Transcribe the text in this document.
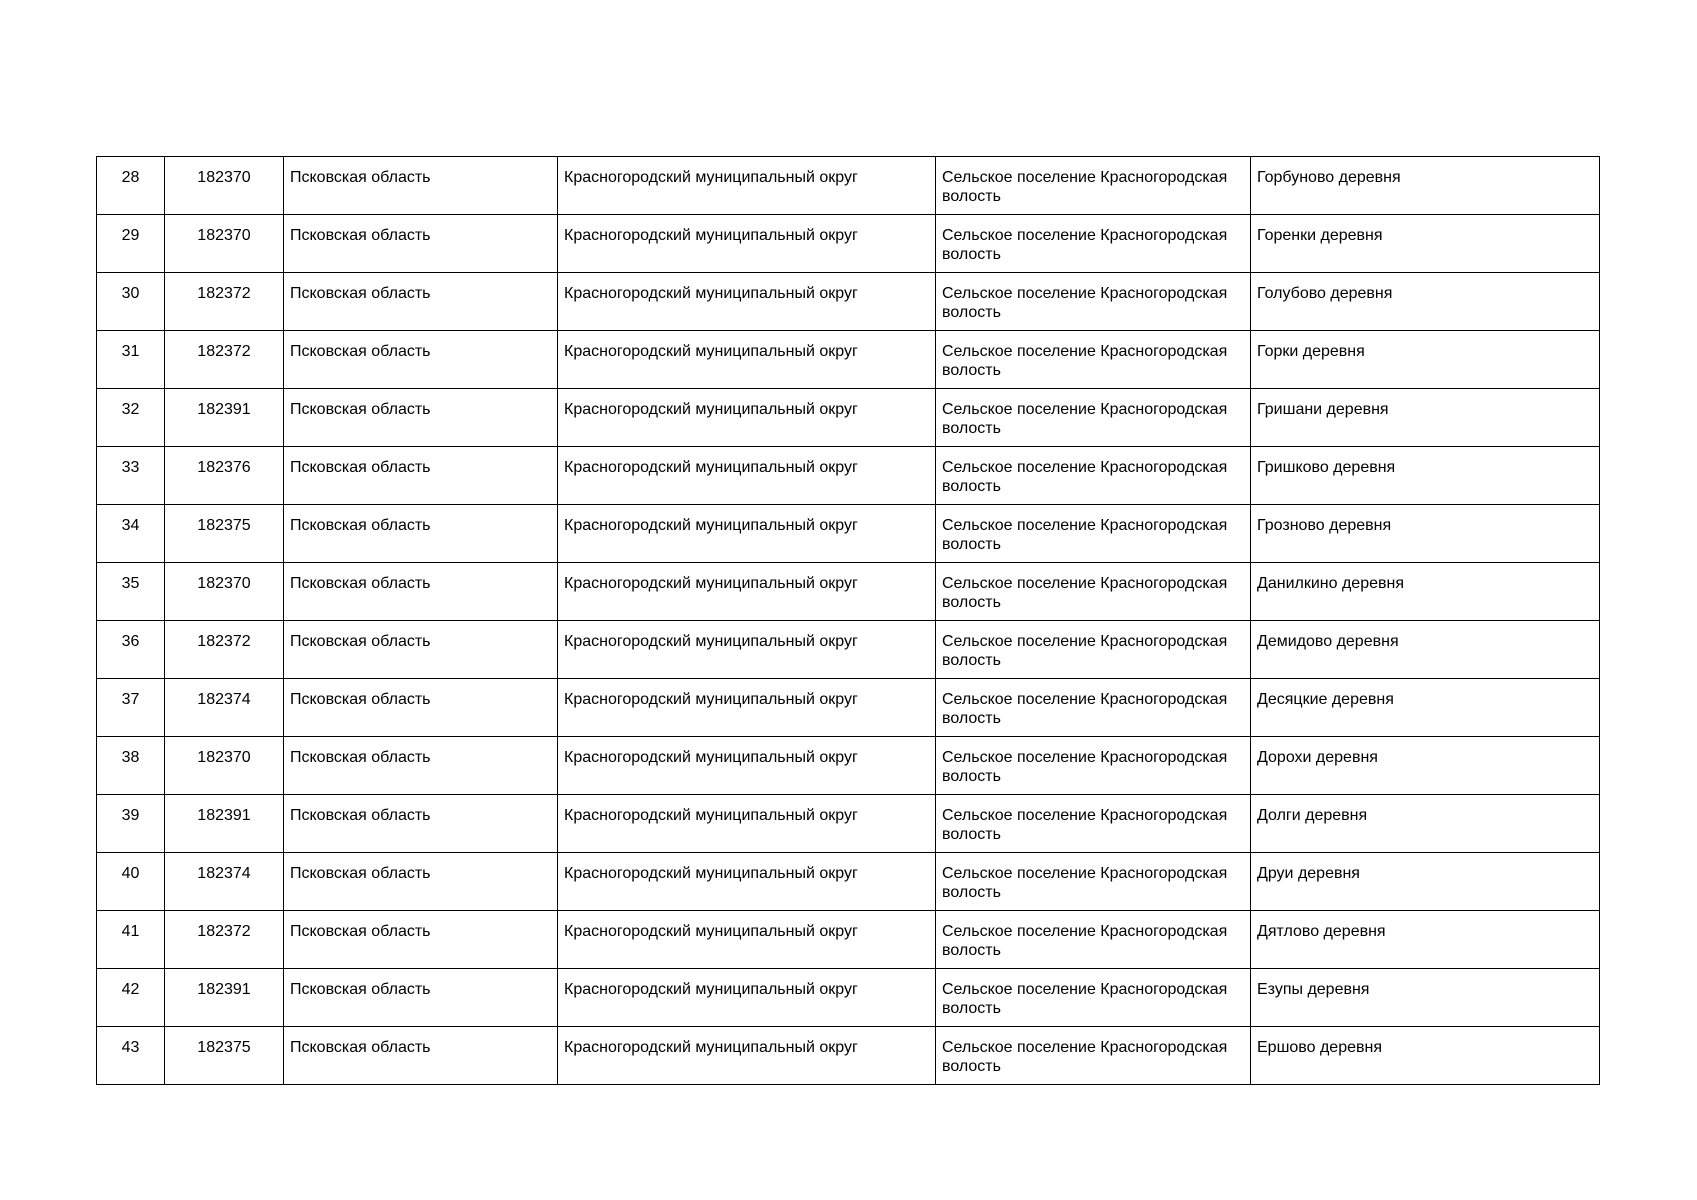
28	182370	Псковская область	Красногородский муниципальный округ	Сельское поселение Красногородская волость	Горбуново деревня
29	182370	Псковская область	Красногородский муниципальный округ	Сельское поселение Красногородская волость	Горенки деревня
30	182372	Псковская область	Красногородский муниципальный округ	Сельское поселение Красногородская волость	Голубово деревня
31	182372	Псковская область	Красногородский муниципальный округ	Сельское поселение Красногородская волость	Горки деревня
32	182391	Псковская область	Красногородский муниципальный округ	Сельское поселение Красногородская волость	Гришани деревня
33	182376	Псковская область	Красногородский муниципальный округ	Сельское поселение Красногородская волость	Гришково деревня
34	182375	Псковская область	Красногородский муниципальный округ	Сельское поселение Красногородская волость	Грозново деревня
35	182370	Псковская область	Красногородский муниципальный округ	Сельское поселение Красногородская волость	Данилкино деревня
36	182372	Псковская область	Красногородский муниципальный округ	Сельское поселение Красногородская волость	Демидово деревня
37	182374	Псковская область	Красногородский муниципальный округ	Сельское поселение Красногородская волость	Десяцкие деревня
38	182370	Псковская область	Красногородский муниципальный округ	Сельское поселение Красногородская волость	Дорохи деревня
39	182391	Псковская область	Красногородский муниципальный округ	Сельское поселение Красногородская волость	Долги деревня
40	182374	Псковская область	Красногородский муниципальный округ	Сельское поселение Красногородская волость	Друи деревня
41	182372	Псковская область	Красногородский муниципальный округ	Сельское поселение Красногородская волость	Дятлово деревня
42	182391	Псковская область	Красногородский муниципальный округ	Сельское поселение Красногородская волость	Езупы деревня
43	182375	Псковская область	Красногородский муниципальный округ	Сельское поселение Красногородская волость	Ершово деревня
